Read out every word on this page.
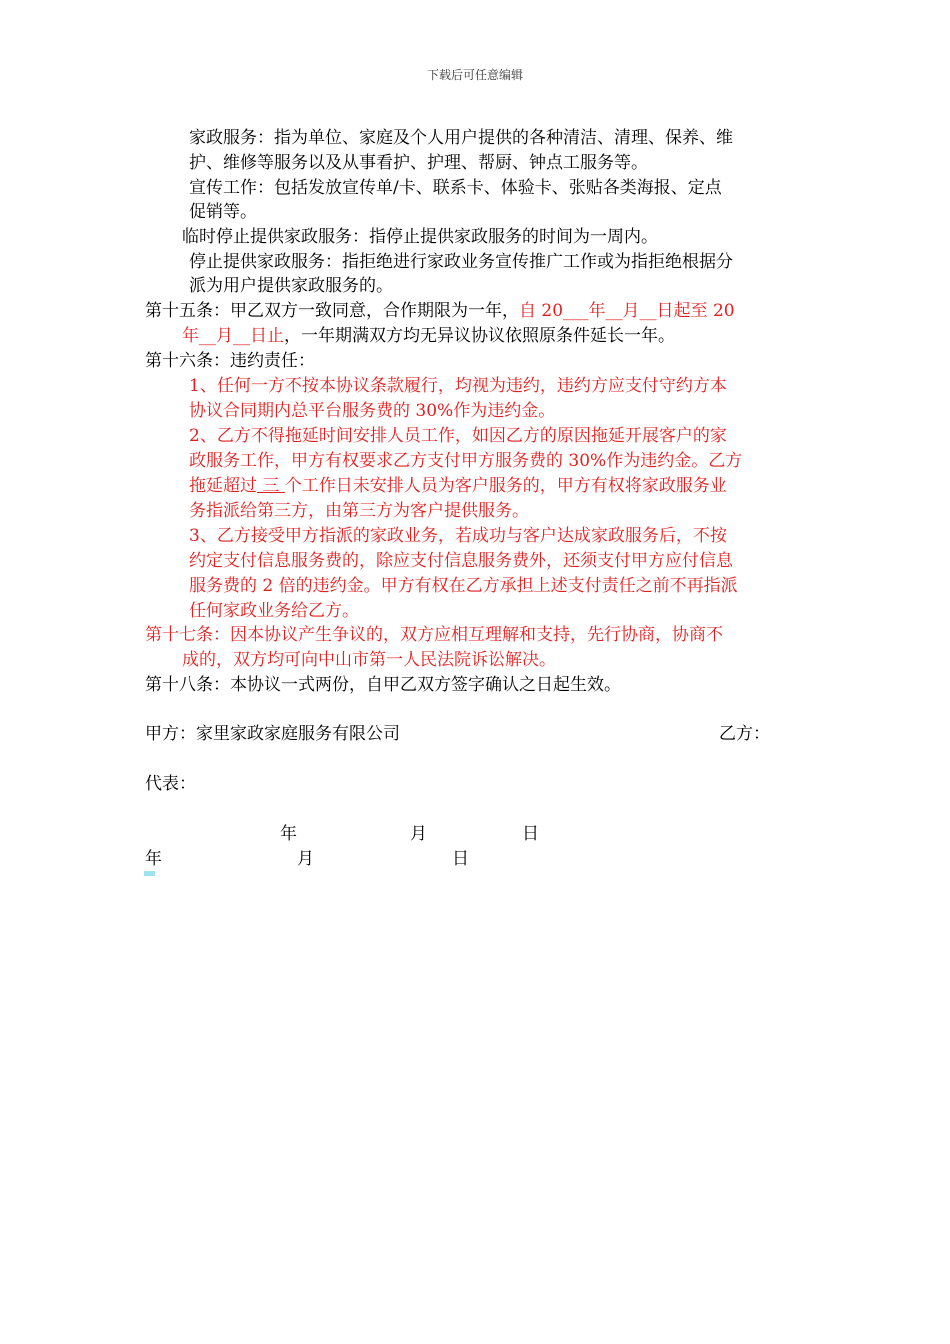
下载后可任意编辑
家政服务：指为单位、家庭及个人用户提供的各种清洁、清理、保养、维
护、维修等服务以及从事看护、护理、帮厨、钟点工服务等。
宣传工作：包括发放宣传单/卡、联系卡、体验卡、张贴各类海报、定点
促销等。
临时停止提供家政服务：指停止提供家政服务的时间为一周内。
停止提供家政服务：指拒绝进行家政业务宣传推广工作或为指拒绝根据分
派为用户提供家政服务的。
第十五条：甲乙双方一致同意，合作期限为一年，自 20___年__月__日起至 20
年__月__日止，一年期满双方均无异议协议依照原条件延长一年。
第十六条：违约责任：
1、任何一方不按本协议条款履行，均视为违约，违约方应支付守约方本
协议合同期内总平台服务费的 30%作为违约金。
2、乙方不得拖延时间安排人员工作，如因乙方的原因拖延开展客户的家
政服务工作，甲方有权要求乙方支付甲方服务费的 30%作为违约金。乙方
拖延超过 三 个工作日未安排人员为客户服务的，甲方有权将家政服务业
务指派给第三方，由第三方为客户提供服务。
3、乙方接受甲方指派的家政业务，若成功与客户达成家政服务后，不按
约定支付信息服务费的，除应支付信息服务费外，还须支付甲方应付信息
服务费的 2 倍的违约金。甲方有权在乙方承担上述支付责任之前不再指派
任何家政业务给乙方。
第十七条：因本协议产生争议的，双方应相互理解和支持，先行协商，协商不
成的，双方均可向中山市第一人民法院诉讼解决。
第十八条：本协议一式两份，自甲乙双方签字确认之日起生效。
甲方：家里家政家庭服务有限公司	乙方：
代表：
年	月	日
年	月	日
